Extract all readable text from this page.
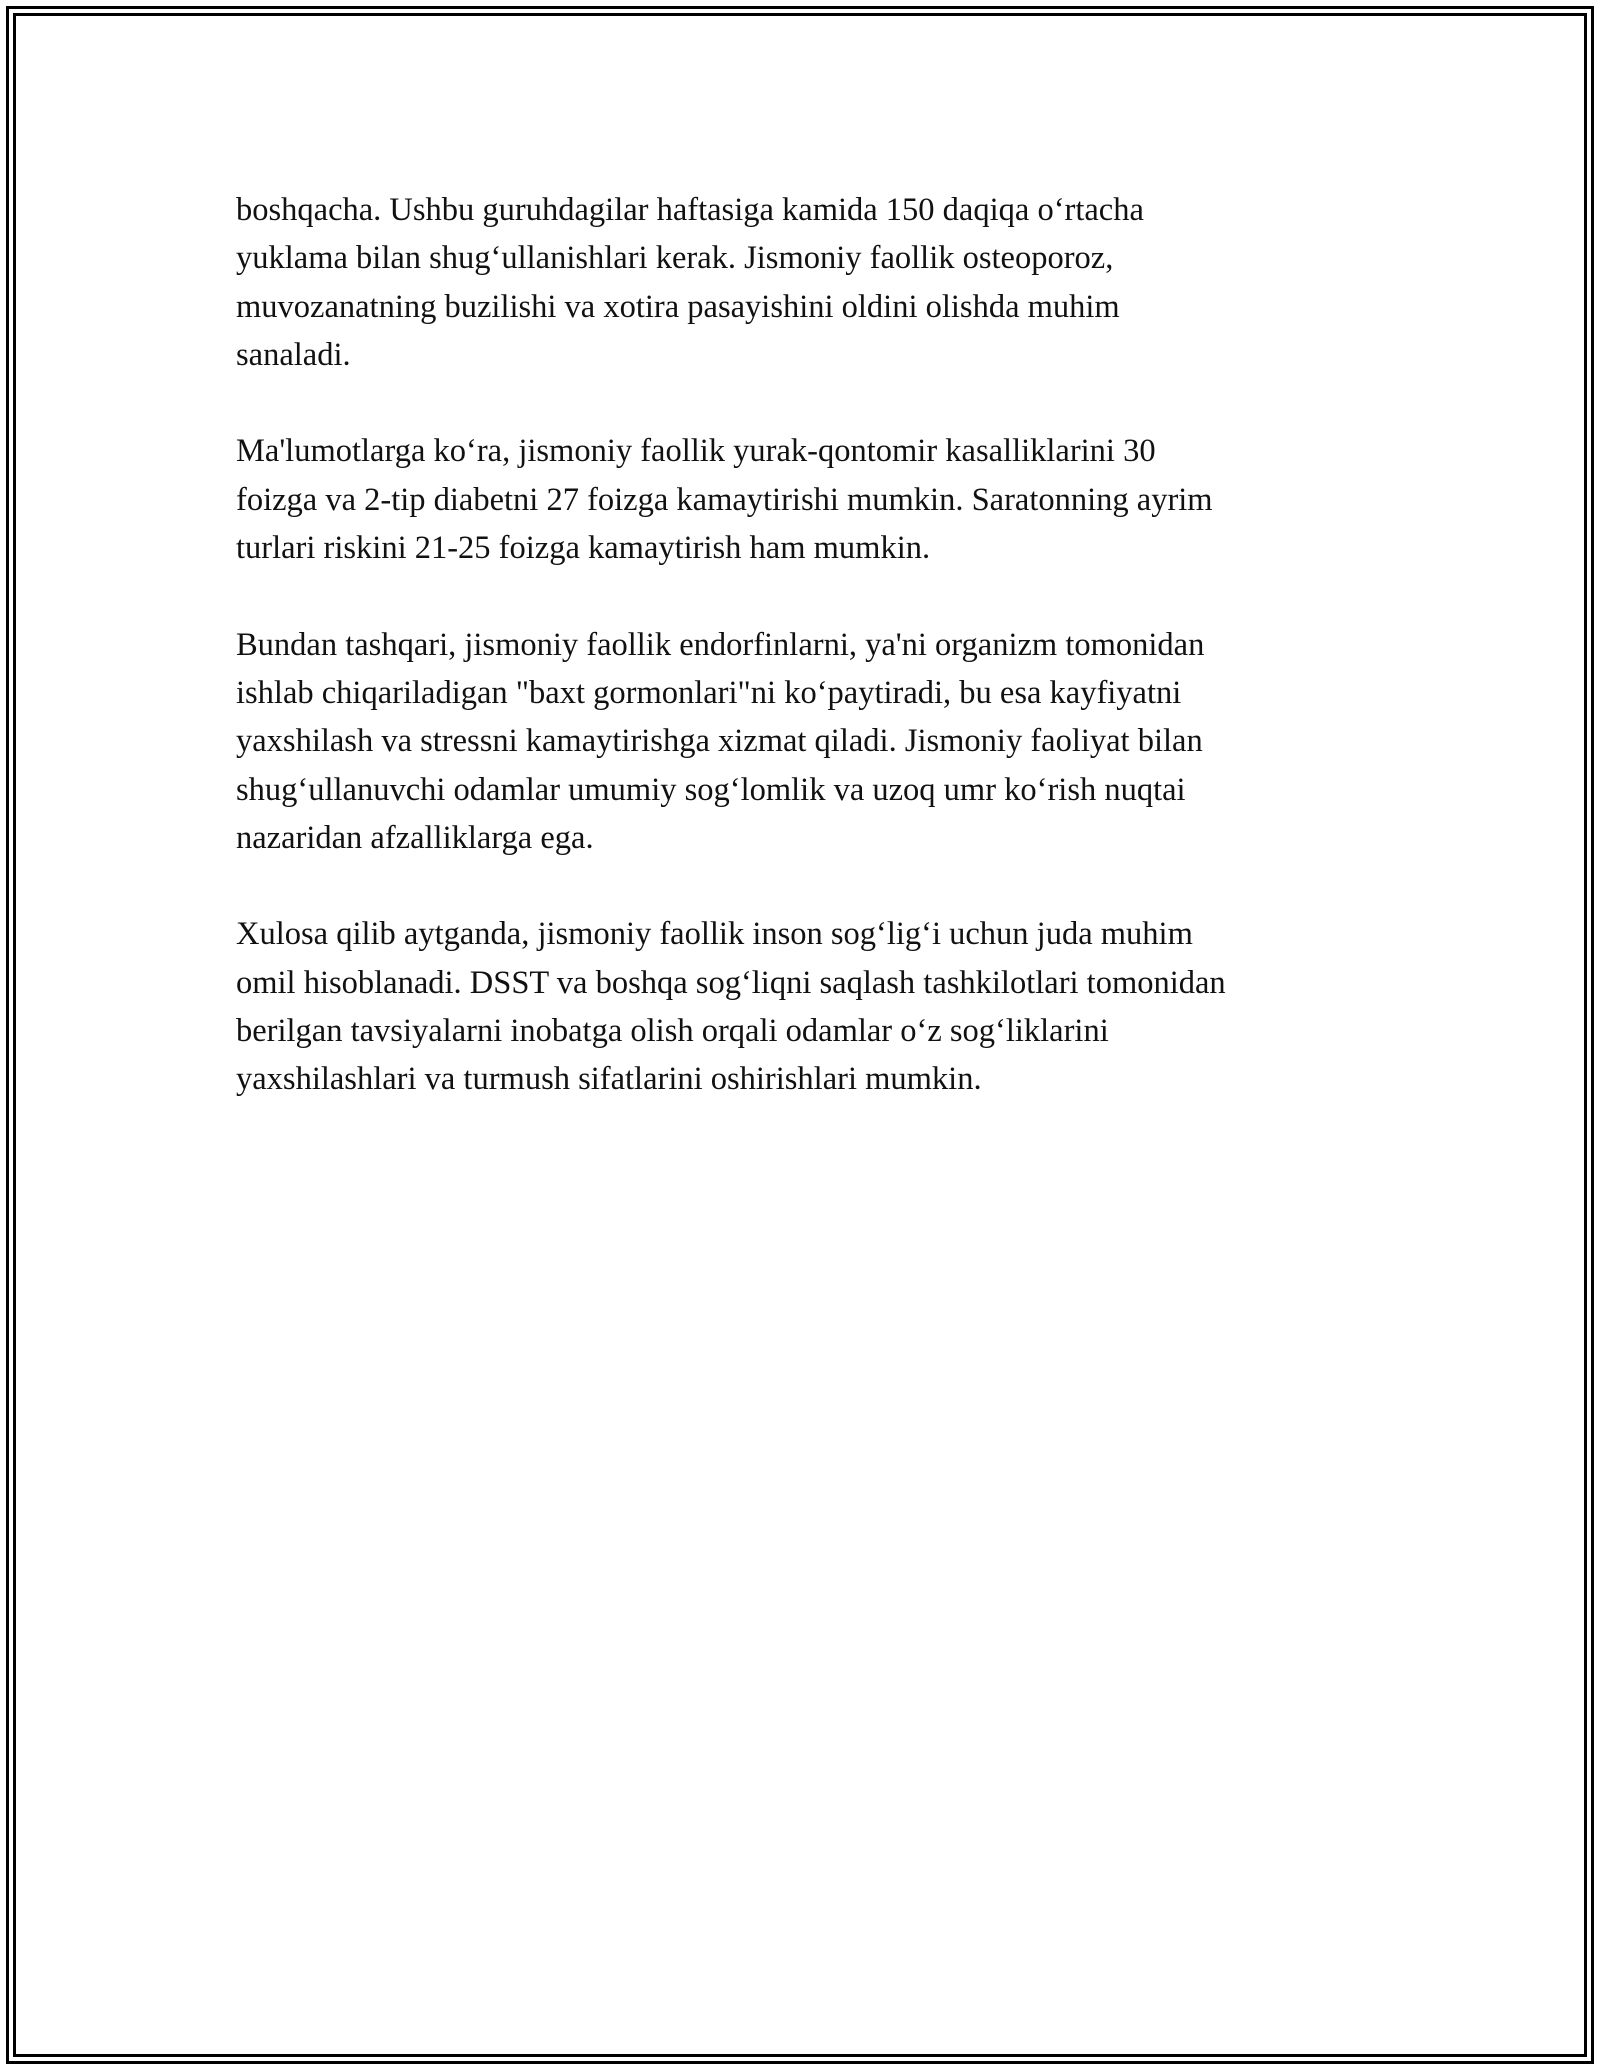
boshqacha. Ushbu guruhdagilar haftasiga kamida 150 daqiqa o‘rtacha
yuklama bilan shug‘ullanishlari kerak. Jismoniy faollik osteoporoz,
muvozanatning buzilishi va xotira pasayishini oldini olishda muhim
sanaladi.

Ma'lumotlarga ko‘ra, jismoniy faollik yurak-qontomir kasalliklarini 30
foizga va 2-tip diabetni 27 foizga kamaytirishi mumkin. Saratonning ayrim
turlari riskini 21-25 foizga kamaytirish ham mumkin.

Bundan tashqari, jismoniy faollik endorfinlarni, ya'ni organizm tomonidan
ishlab chiqariladigan "baxt gormonlari"ni ko‘paytiradi, bu esa kayfiyatni
yaxshilash va stressni kamaytirishga xizmat qiladi. Jismoniy faoliyat bilan
shug‘ullanuvchi odamlar umumiy sog‘lomlik va uzoq umr ko‘rish nuqtai
nazaridan afzalliklarga ega.

Xulosa qilib aytganda, jismoniy faollik inson sog‘lig‘i uchun juda muhim
omil hisoblanadi. DSST va boshqa sog‘liqni saqlash tashkilotlari tomonidan
berilgan tavsiyalarni inobatga olish orqali odamlar o‘z sog‘liklarini
yaxshilashlari va turmush sifatlarini oshirishlari mumkin.
